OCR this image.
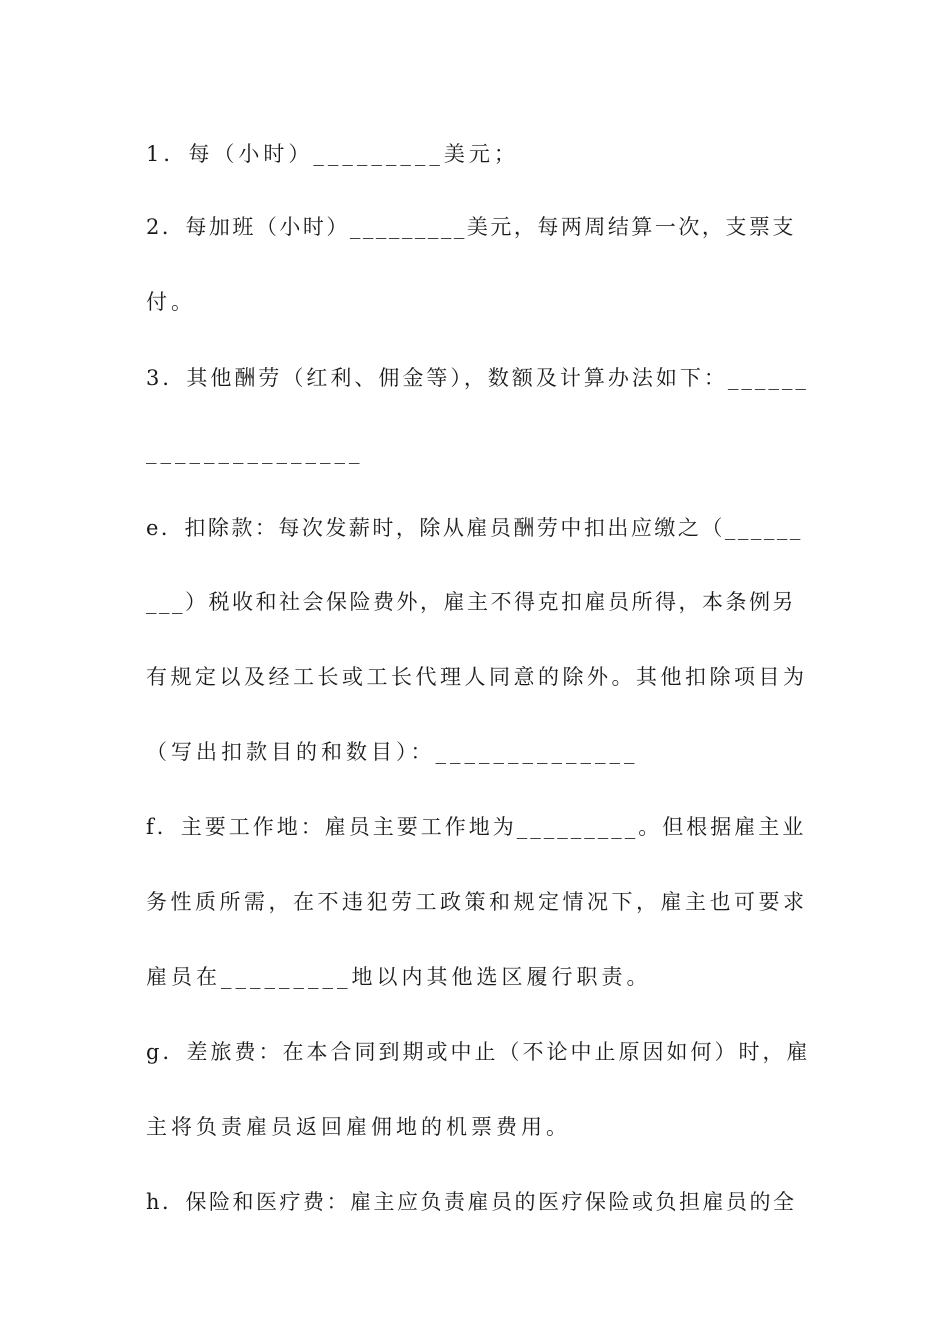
1．每（小时）_________美元；
2．每加班（小时）_________美元，每两周结算一次，支票支
付。
3．其他酬劳（红利、佣金等），数额及计算办法如下：______
_______________
e．扣除款：每次发薪时，除从雇员酬劳中扣出应缴之（______
___）税收和社会保险费外，雇主不得克扣雇员所得，本条例另
有规定以及经工长或工长代理人同意的除外。其他扣除项目为
（写出扣款目的和数目）：______________
f．主要工作地：雇员主要工作地为_________。但根据雇主业
务性质所需，在不违犯劳工政策和规定情况下，雇主也可要求
雇员在_________地以内其他选区履行职责。
g．差旅费：在本合同到期或中止（不论中止原因如何）时，雇
主将负责雇员返回雇佣地的机票费用。
h．保险和医疗费：雇主应负责雇员的医疗保险或负担雇员的全
